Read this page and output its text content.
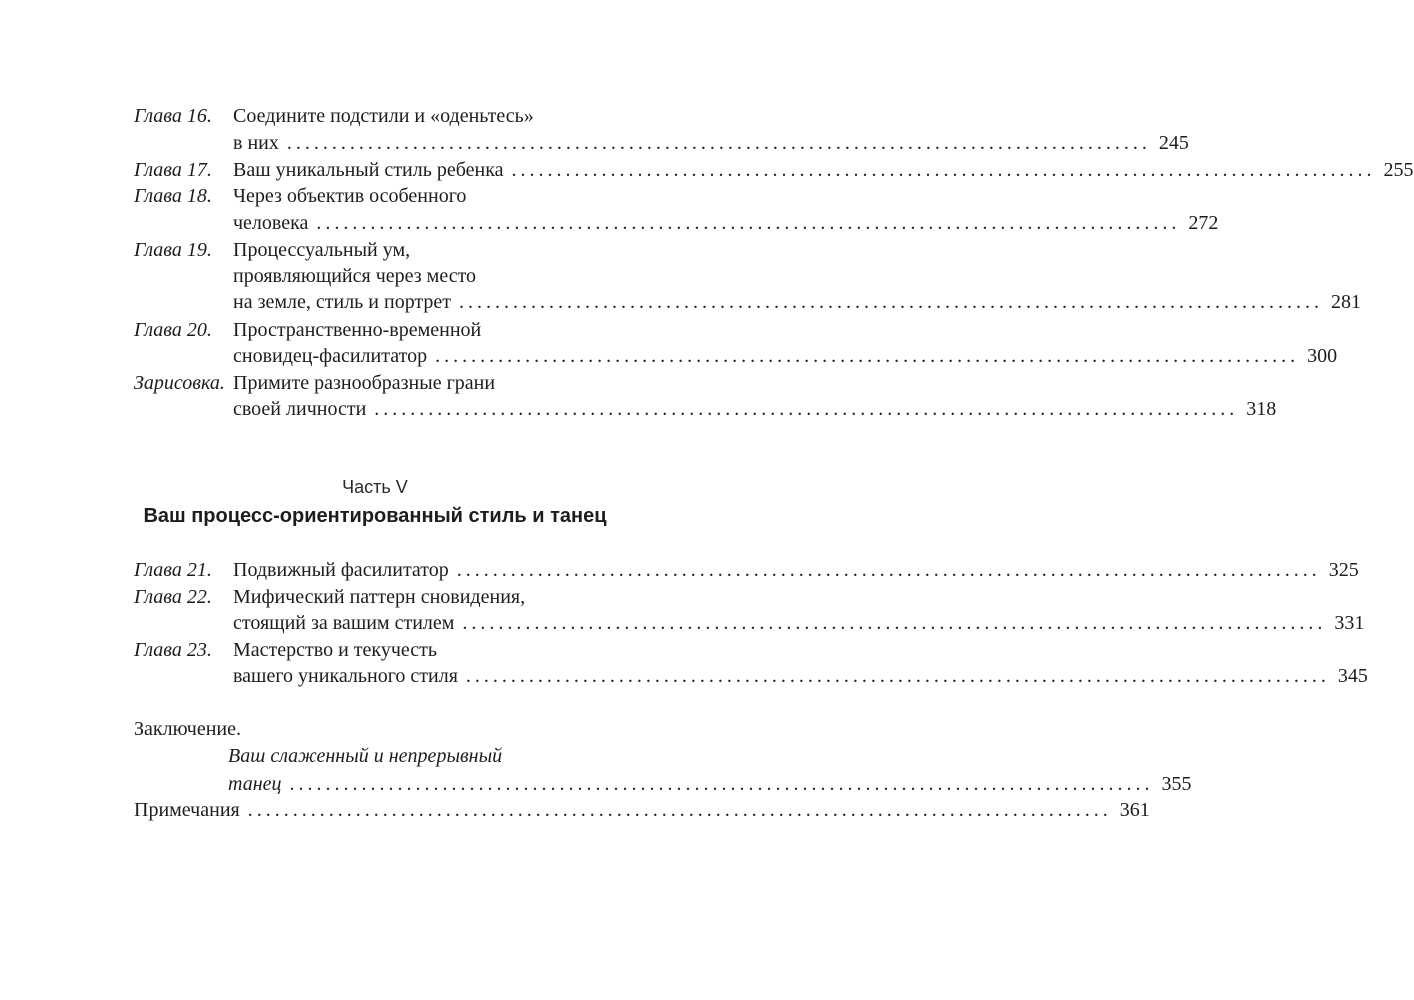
Глава 16. Соедините подстили и «оденьтесь»
в них ................................................................................................ 245
Глава 17. Ваш уникальный стиль ребенка ................................................................................................ 255
Глава 18. Через объектив особенного
человека ................................................................................................ 272
Глава 19. Процессуальный ум,
проявляющийся через место
на земле, стиль и портрет ................................................................................................ 281
Глава 20. Пространственно-временной
сновидец-фасилитатор ................................................................................................ 300
Зарисовка. Примите разнообразные грани
своей личности ................................................................................................ 318
Часть V
Ваш процесс-ориентированный стиль и танец
Глава 21. Подвижный фасилитатор ................................................................................................ 325
Глава 22. Мифический паттерн сновидения,
стоящий за вашим стилем ................................................................................................ 331
Глава 23. Мастерство и текучесть
вашего уникального стиля ................................................................................................ 345
Заключение.
Ваш слаженный и непрерывный
танец ................................................................................................ 355
Примечания ................................................................................................ 361
